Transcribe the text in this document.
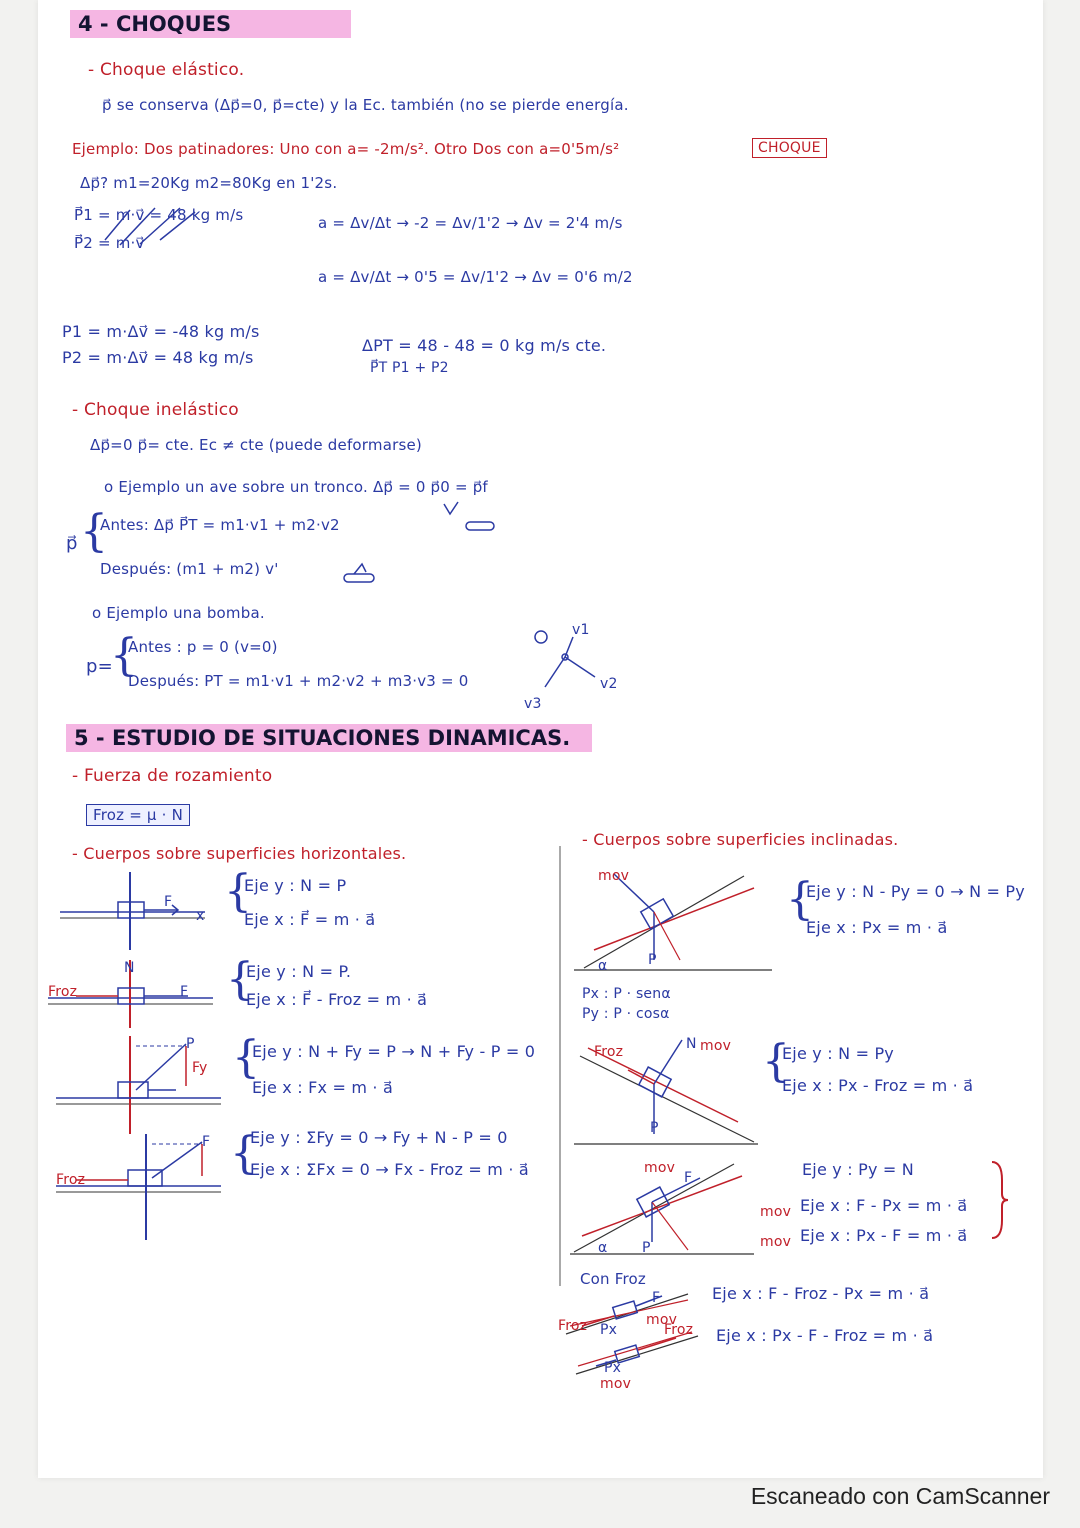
4 - CHOQUES
- Choque elástico.
p⃗ se conserva (Δp⃗=0, p⃗=cte) y la Ec. también (no se pierde energía.
Ejemplo: Dos patinadores: Uno con a= -2m/s². Otro Dos con a=0'5m/s²	CHOQUE
Δp⃗? m1=20Kg m2=80Kg en 1'2s.
P⃗1 = m·v⃗ = 48 kg m/s
P⃗2 = m·v⃗
a = Δv/Δt → -2 = Δv/1'2 → Δv = 2'4 m/s
a = Δv/Δt → 0'5 = Δv/1'2 → Δv = 0'6 m/2
P1 = m·Δv⃗ = -48 kg m/s
P2 = m·Δv⃗ = 48 kg m/s
ΔPT = 48 - 48 = 0 kg m/s cte.
P⃗T P1 + P2
- Choque inelástico
Δp⃗=0 p⃗= cte. Ec ≠ cte (puede deformarse)
o Ejemplo un ave sobre un tronco. Δp⃗ = 0 p⃗0 = p⃗f
p⃗ {
Antes: Δp⃗ P⃗T = m1·v1 + m2·v2
Después: (m1 + m2) v'
o Ejemplo una bomba.
p=
{
Antes : p = 0 (v=0)
Después: PT = m1·v1 + m2·v2 + m3·v3 = 0
v1
v2
v3
5 - ESTUDIO DE SITUACIONES DINAMICAS.
- Fuerza de rozamiento
Froz = μ · N
- Cuerpos sobre superficies horizontales.
- Cuerpos sobre superficies inclinadas.
F
x {
Eje y : N = P
Eje x : F⃗ = m · a⃗
N
Froz	F {
Eje y : N = P.
Eje x : F⃗ - Froz = m · a⃗
P
Fy {
Eje y : N + Fy = P → N + Fy - P = 0
Eje x : Fx = m · a⃗
F
Froz
{
Eje y : ΣFy = 0 → Fy + N - P = 0
Eje x : ΣFx = 0 → Fx - Froz = m · a⃗
mov
α	P
{
Eje y : N - Py = 0 → N = Py
Eje x : Px = m · a⃗
Px : P · senα
Py : P · cosα
Froz	N mov
P
{
Eje y : N = Py
Eje x : Px - Froz = m · a⃗
mov
F
α P
Eje y : Py = N
mov Eje x : F - Px = m · a⃗
mov Eje x : Px - F = m · a⃗
Con Froz
Froz
F
Px
mov
Eje x : F - Froz - Px = m · a⃗
Froz
Px
mov
Eje x : Px - F - Froz = m · a⃗
Escaneado con CamScanner
